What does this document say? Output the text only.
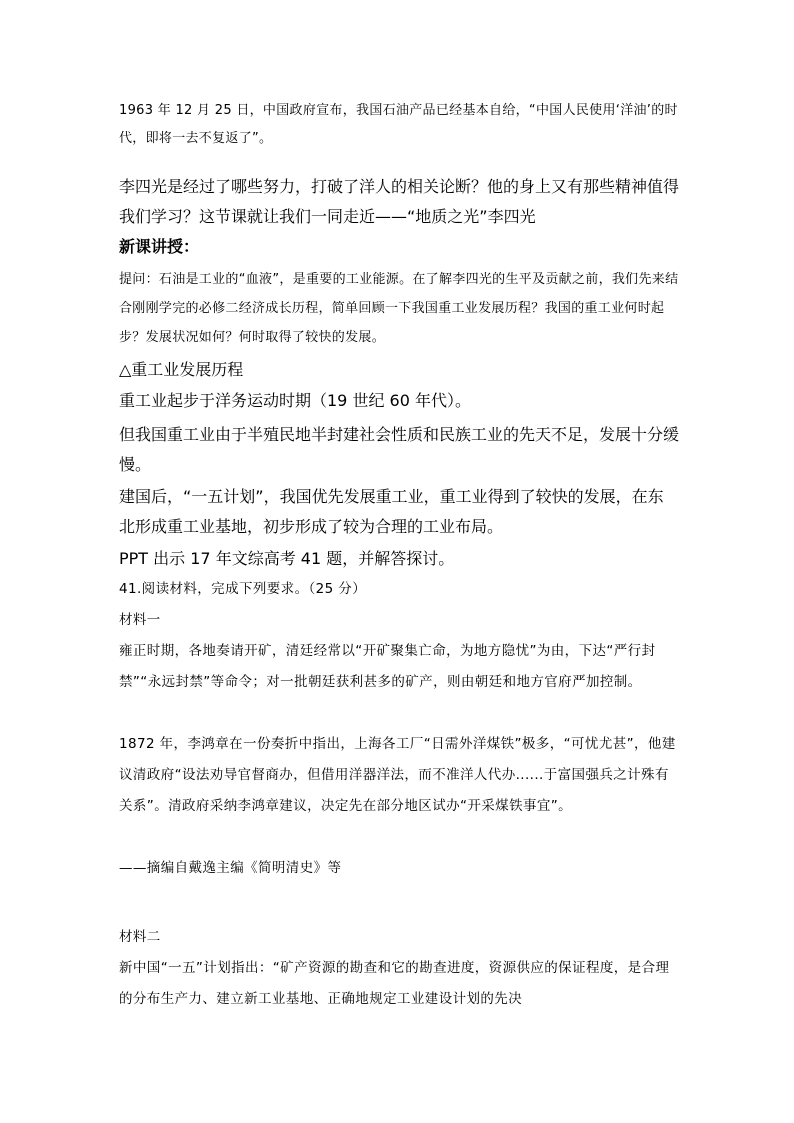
1963 年 12 月 25 日，中国政府宣布，我国石油产品已经基本自给，“中国人民使用‘洋油’的时代，即将一去不复返了”。

李四光是经过了哪些努力，打破了洋人的相关论断？他的身上又有那些精神值得我们学习？这节课就让我们一同走近——“地质之光”李四光

新课讲授：

提问：石油是工业的“血液”，是重要的工业能源。在了解李四光的生平及贡献之前，我们先来结合刚刚学完的必修二经济成长历程，简单回顾一下我国重工业发展历程？我国的重工业何时起步？发展状况如何？何时取得了较快的发展。

△重工业发展历程

重工业起步于洋务运动时期（19 世纪 60 年代）。

但我国重工业由于半殖民地半封建社会性质和民族工业的先天不足，发展十分缓慢。

建国后，“一五计划”，我国优先发展重工业，重工业得到了较快的发展，在东北形成重工业基地，初步形成了较为合理的工业布局。

PPT 出示 17 年文综高考 41 题，并解答探讨。

41.阅读材料，完成下列要求。（25 分）

材料一

雍正时期，各地奏请开矿，清廷经常以“开矿聚集亡命，为地方隐忧”为由，下达“严行封禁”“永远封禁”等命令；对一批朝廷获利甚多的矿产，则由朝廷和地方官府严加控制。

1872 年，李鸿章在一份奏折中指出，上海各工厂“日需外洋煤铁”极多，“可忧尤甚”，他建议清政府“设法劝导官督商办，但借用洋器洋法，而不准洋人代办......于富国强兵之计殊有关系”。清政府采纳李鸿章建议，决定先在部分地区试办“开采煤铁事宜”。

——摘编自戴逸主编《简明清史》等

材料二

新中国“一五”计划指出：“矿产资源的勘查和它的勘查进度，资源供应的保证程度，是合理的分布生产力、建立新工业基地、正确地规定工业建设计划的先决
